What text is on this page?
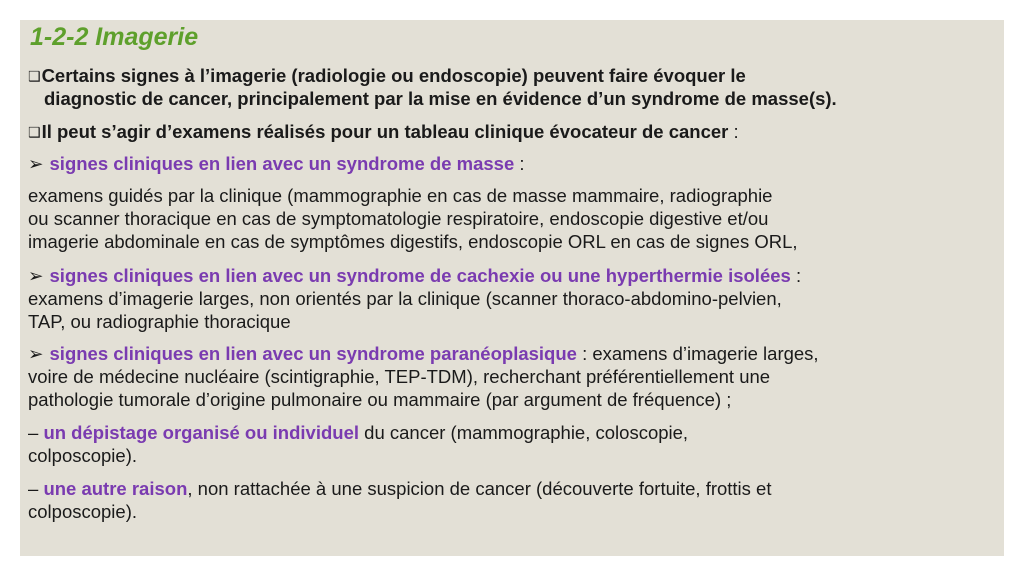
1-2-2 Imagerie
❑Certains signes à l’imagerie (radiologie ou endoscopie) peuvent faire évoquer le
diagnostic de cancer, principalement par la mise en évidence d’un syndrome de masse(s).
❑Il peut s’agir d’examens réalisés pour un tableau clinique évocateur de cancer :
➢ signes cliniques en lien avec un syndrome de masse :
examens guidés par la clinique (mammographie en cas de masse mammaire, radiographie
ou scanner thoracique en cas de symptomatologie respiratoire, endoscopie digestive et/ou
imagerie abdominale en cas de symptômes digestifs, endoscopie ORL en cas de signes ORL,
➢ signes cliniques en lien avec un syndrome de cachexie ou une hyperthermie isolées :
examens d’imagerie larges, non orientés par la clinique (scanner thoraco-abdomino-pelvien,
TAP, ou radiographie thoracique
➢ signes cliniques en lien avec un syndrome paranéoplasique : examens d’imagerie larges,
voire de médecine nucléaire (scintigraphie, TEP-TDM), recherchant préférentiellement une
pathologie tumorale d’origine pulmonaire ou mammaire (par argument de fréquence) ;
– un dépistage organisé ou individuel du cancer (mammographie, coloscopie,
colposcopie).
– une autre raison, non rattachée à une suspicion de cancer (découverte fortuite, frottis et
colposcopie).
